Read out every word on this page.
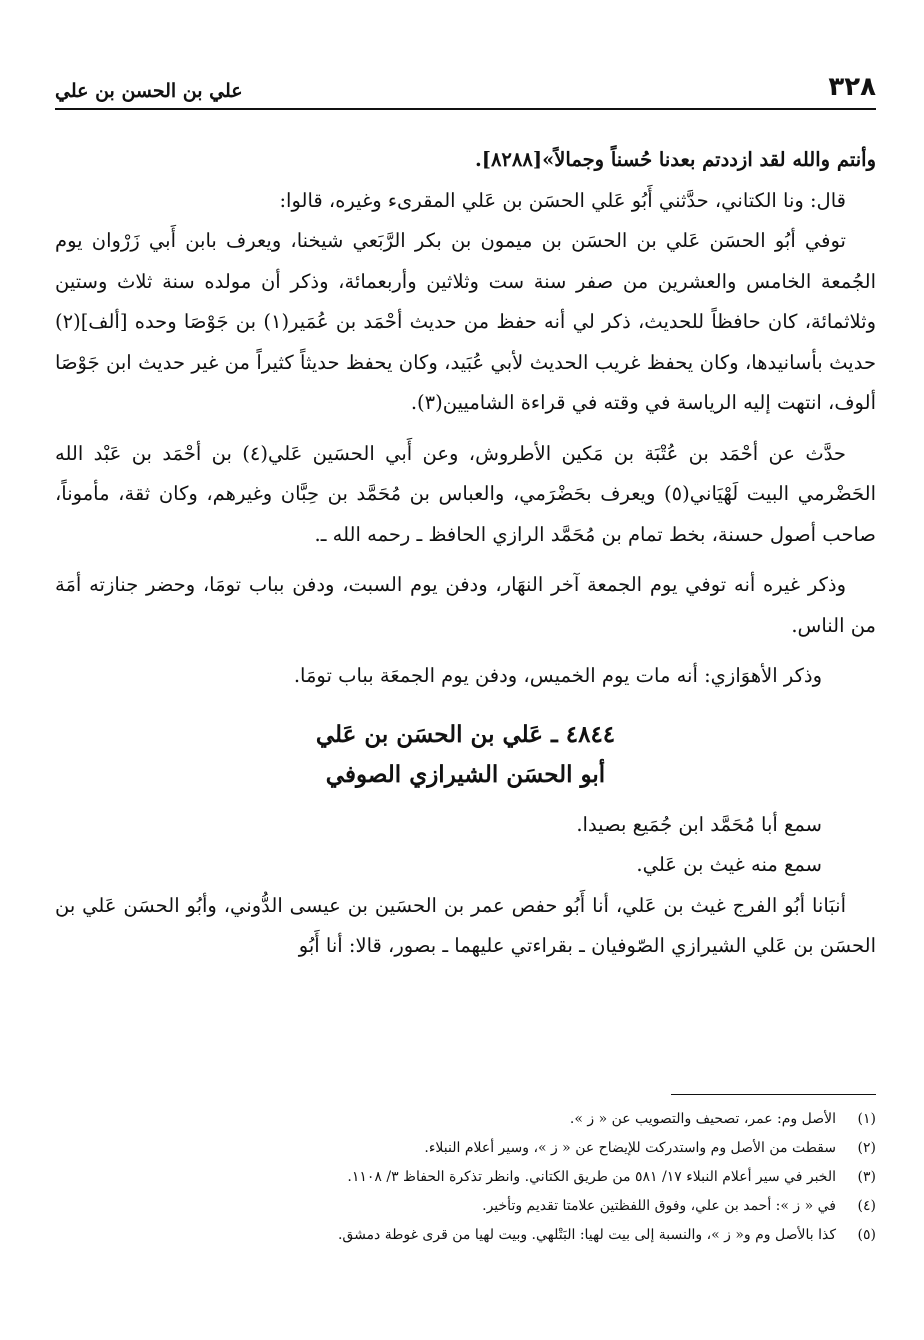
٣٢٨
علي بن الحسن بن علي

وأنتم والله لقد ازددتم بعدنا حُسناً وجمالاً»[٨٢٨٨].

قال: ونا الكتاني، حدَّثني أَبُو عَلي الحسَن بن عَلي المقرىء وغيره، قالوا:

توفي أبُو الحسَن عَلي بن الحسَن بن ميمون بن بكر الرَّبَعي شيخنا، ويعرف بابن أَبي زَرْوان يوم الجُمعة الخامس والعشرين من صفر سنة ست وثلاثين وأربعمائة، وذكر أن مولده سنة ثلاث وستين وثلاثمائة، كان حافظاً للحديث، ذكر لي أنه حفظ من حديث أحْمَد بن عُمَير(١) بن جَوْصَا وحده [ألف](٢) حديث بأسانيدها، وكان يحفظ غريب الحديث لأبي عُبَيد، وكان يحفظ حديثاً كثيراً من غير حديث ابن جَوْصَا ألوف، انتهت إليه الرياسة في وقته في قراءة الشاميين(٣).

حدَّث عن أحْمَد بن عُتْبَة بن مَكين الأطروش، وعن أَبي الحسَين عَلي(٤) بن أحْمَد بن عَبْد الله الحَضْرمي البيت لَهْيَاني(٥) ويعرف بحَضْرَمي، والعباس بن مُحَمَّد بن حِبَّان وغيرهم، وكان ثقة، مأموناً، صاحب أصول حسنة، بخط تمام بن مُحَمَّد الرازي الحافظ ـ رحمه الله ـ.

وذكر غيره أنه توفي يوم الجمعة آخر النهَار، ودفن يوم السبت، ودفن بباب تومَا، وحضر جنازته أمَة من الناس.

وذكر الأهوَازي: أنه مات يوم الخميس، ودفن يوم الجمعَة بباب تومَا.

٤٨٤٤ ـ عَلي بن الحسَن بن عَلي
أبو الحسَن الشيرازي الصوفي

سمع أبا مُحَمَّد ابن جُمَيع بصيدا.

سمع منه غيث بن عَلي.

أنبَانا أبُو الفرج غيث بن عَلي، أنا أَبُو حفص عمر بن الحسَين بن عيسى الدُّوني، وأبُو الحسَن عَلي بن الحسَن بن عَلي الشيرازي الصّوفيان ـ بقراءتي عليهما ـ بصور، قالا: أنا أَبُو

(١)
الأصل وم: عمر، تصحيف والتصويب عن « ز ».
(٢)
سقطت من الأصل وم واستدركت للإيضاح عن « ز »، وسير أعلام النبلاء.
(٣)
الخبر في سير أعلام النبلاء ١٧/ ٥٨١ من طريق الكتاني. وانظر تذكرة الحفاظ ٣/ ١١٠٨.
(٤)
في « ز »: أحمد بن علي، وفوق اللفظتين علامتا تقديم وتأخير.
(٥)
كذا بالأصل وم و« ز »، والنسبة إلى بيت لهيا: البَتْلهي. وبيت لهيا من قرى غوطة دمشق.
